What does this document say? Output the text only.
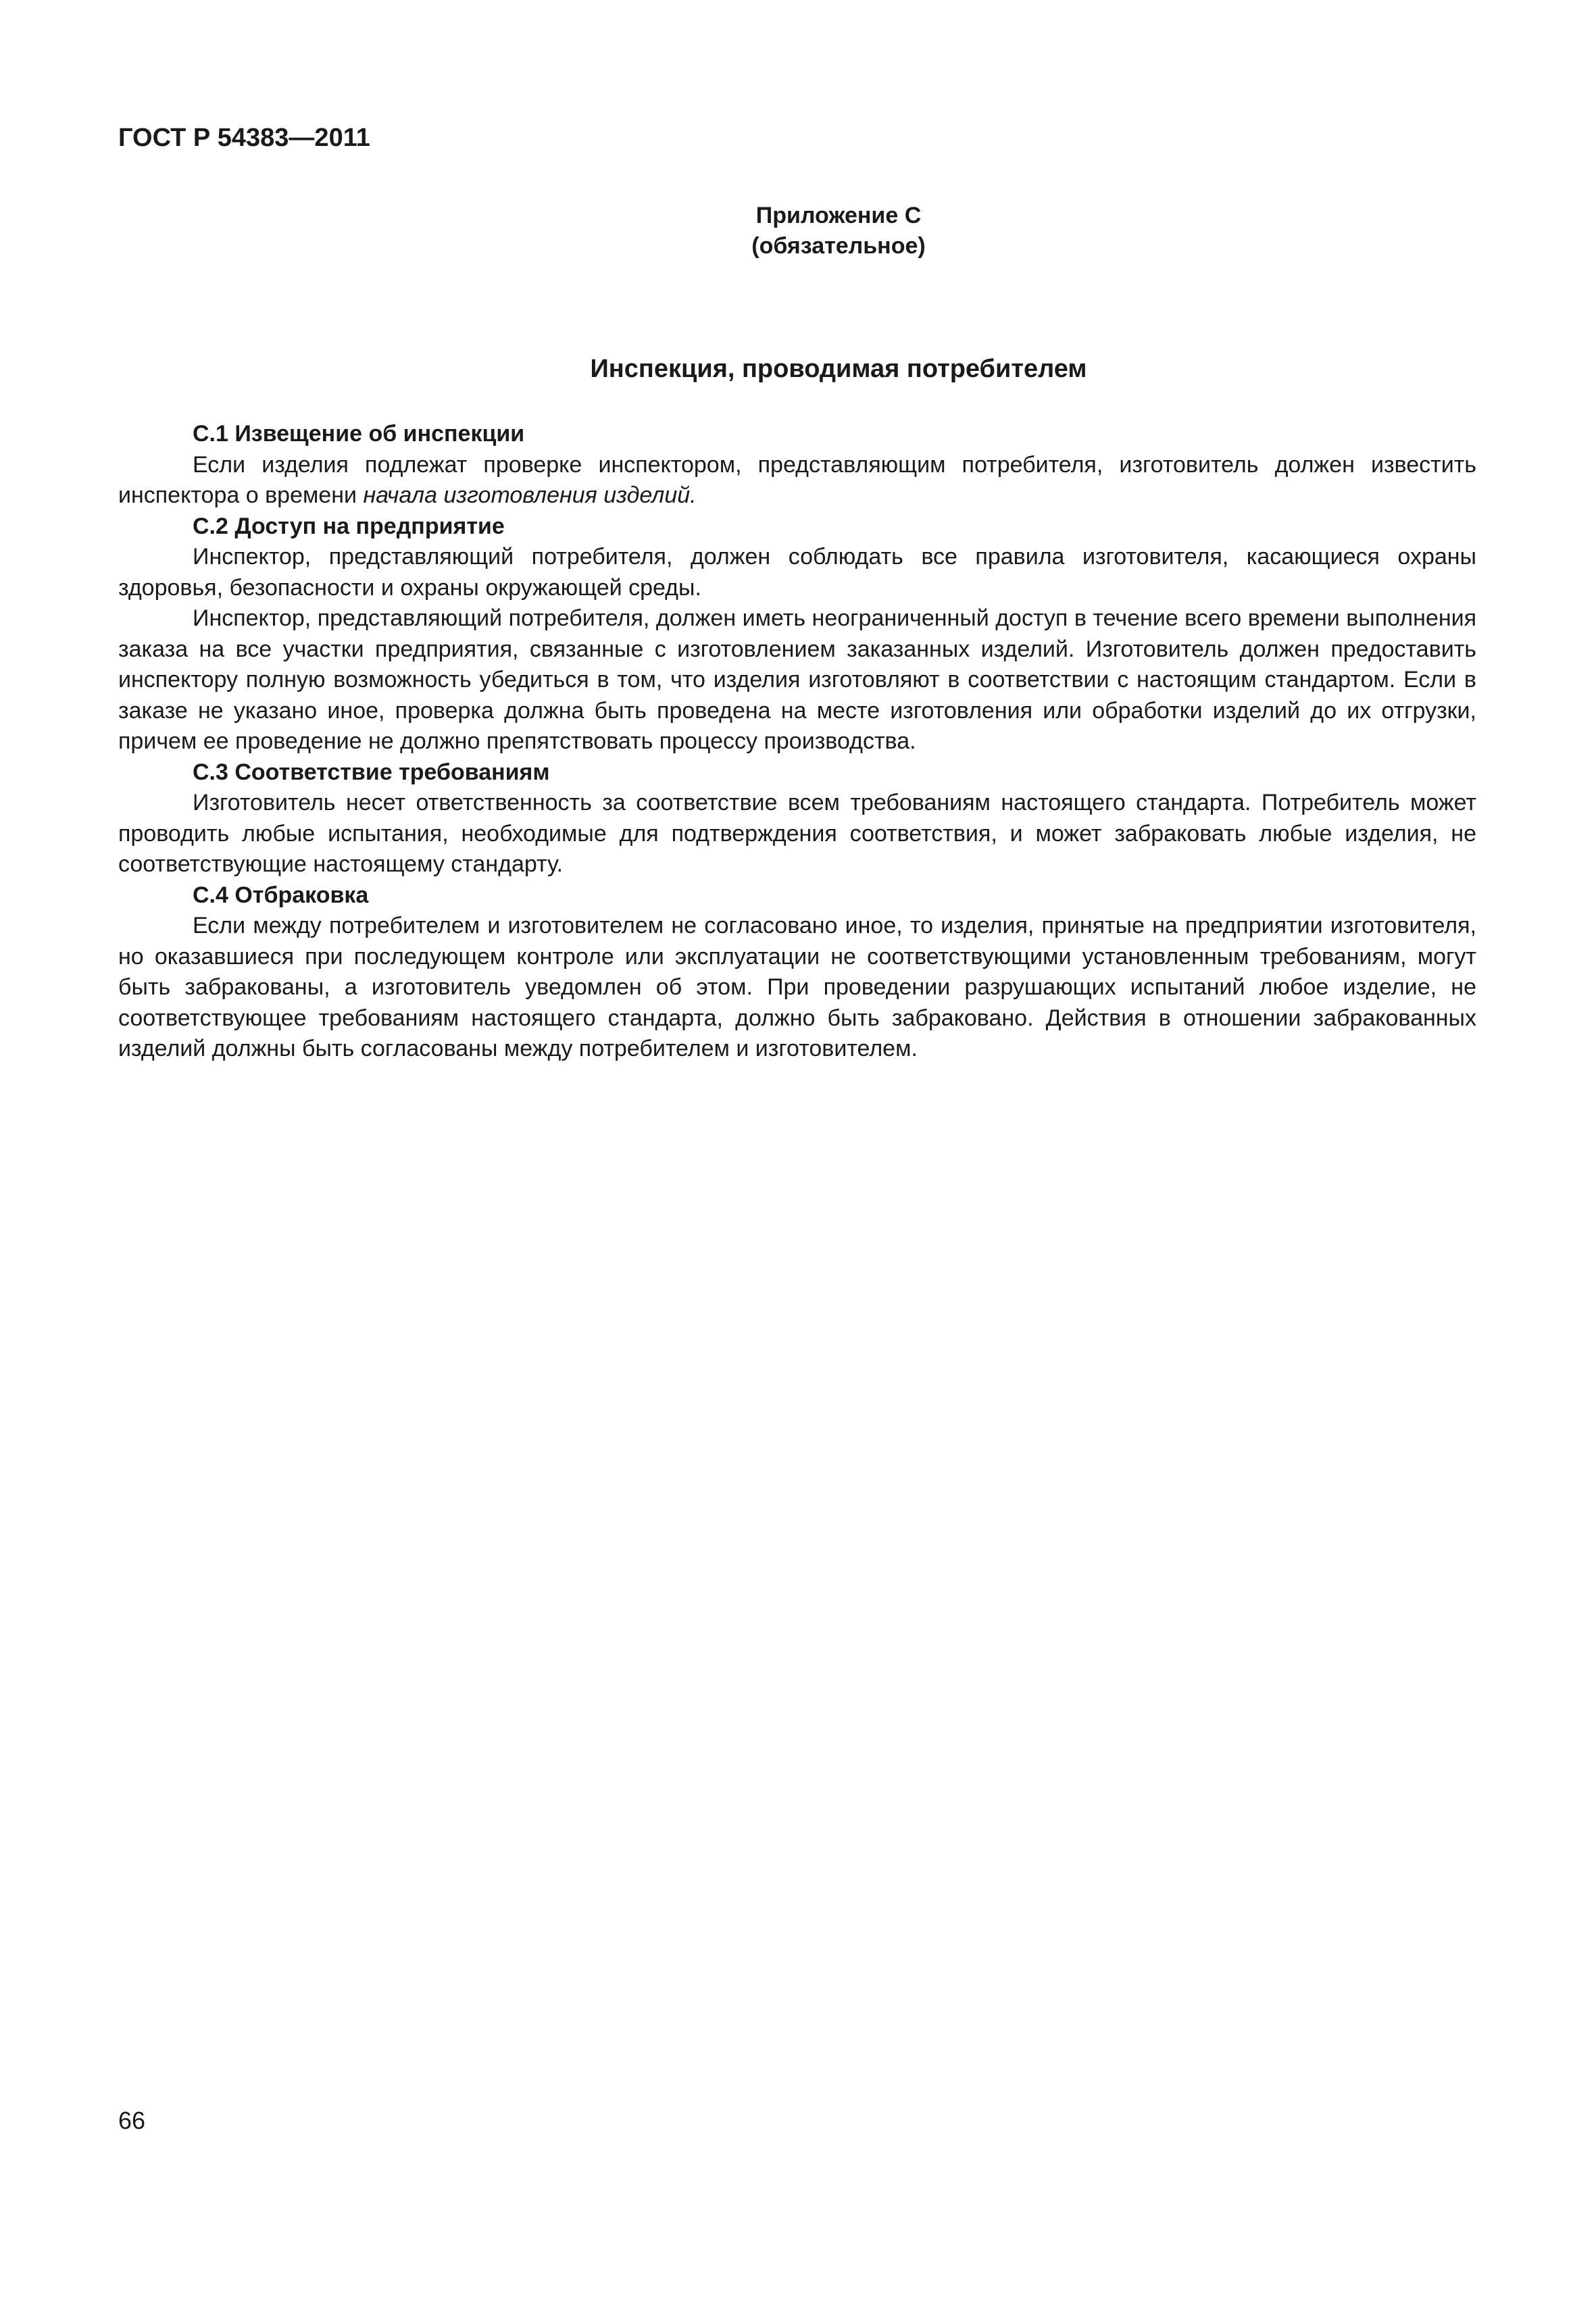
ГОСТ Р 54383—2011
Приложение С
(обязательное)
Инспекция, проводимая потребителем
С.1 Извещение об инспекции

Если изделия подлежат проверке инспектором, представляющим потребителя, изготовитель должен известить инспектора о времени начала изготовления изделий.

С.2 Доступ на предприятие

Инспектор, представляющий потребителя, должен соблюдать все правила изготовителя, касающиеся охраны здоровья, безопасности и охраны окружающей среды.

Инспектор, представляющий потребителя, должен иметь неограниченный доступ в течение всего времени выполнения заказа на все участки предприятия, связанные с изготовлением заказанных изделий. Изготовитель должен предоставить инспектору полную возможность убедиться в том, что изделия изготовляют в соответствии с настоящим стандартом. Если в заказе не указано иное, проверка должна быть проведена на месте изготовления или обработки изделий до их отгрузки, причем ее проведение не должно препятствовать процессу производства.

С.3 Соответствие требованиям

Изготовитель несет ответственность за соответствие всем требованиям настоящего стандарта. Потребитель может проводить любые испытания, необходимые для подтверждения соответствия, и может забраковать любые изделия, не соответствующие настоящему стандарту.

С.4 Отбраковка

Если между потребителем и изготовителем не согласовано иное, то изделия, принятые на предприятии изготовителя, но оказавшиеся при последующем контроле или эксплуатации не соответствующими установленным требованиям, могут быть забракованы, а изготовитель уведомлен об этом. При проведении разрушающих испытаний любое изделие, не соответствующее требованиям настоящего стандарта, должно быть забраковано. Действия в отношении забракованных изделий должны быть согласованы между потребителем и изготовителем.

66
